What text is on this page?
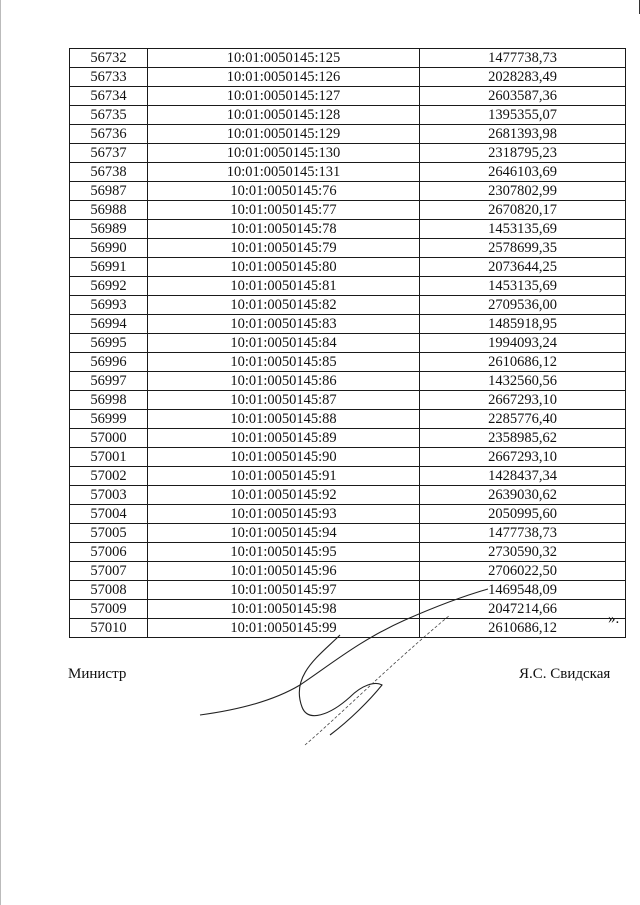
56732	10:01:0050145:125	1477738,73
56733	10:01:0050145:126	2028283,49
56734	10:01:0050145:127	2603587,36
56735	10:01:0050145:128	1395355,07
56736	10:01:0050145:129	2681393,98
56737	10:01:0050145:130	2318795,23
56738	10:01:0050145:131	2646103,69
56987	10:01:0050145:76	2307802,99
56988	10:01:0050145:77	2670820,17
56989	10:01:0050145:78	1453135,69
56990	10:01:0050145:79	2578699,35
56991	10:01:0050145:80	2073644,25
56992	10:01:0050145:81	1453135,69
56993	10:01:0050145:82	2709536,00
56994	10:01:0050145:83	1485918,95
56995	10:01:0050145:84	1994093,24
56996	10:01:0050145:85	2610686,12
56997	10:01:0050145:86	1432560,56
56998	10:01:0050145:87	2667293,10
56999	10:01:0050145:88	2285776,40
57000	10:01:0050145:89	2358985,62
57001	10:01:0050145:90	2667293,10
57002	10:01:0050145:91	1428437,34
57003	10:01:0050145:92	2639030,62
57004	10:01:0050145:93	2050995,60
57005	10:01:0050145:94	1477738,73
57006	10:01:0050145:95	2730590,32
57007	10:01:0050145:96	2706022,50
57008	10:01:0050145:97	1469548,09
57009	10:01:0050145:98	2047214,66
57010	10:01:0050145:99	2610686,12
».
Министр	Я.С. Свидская
